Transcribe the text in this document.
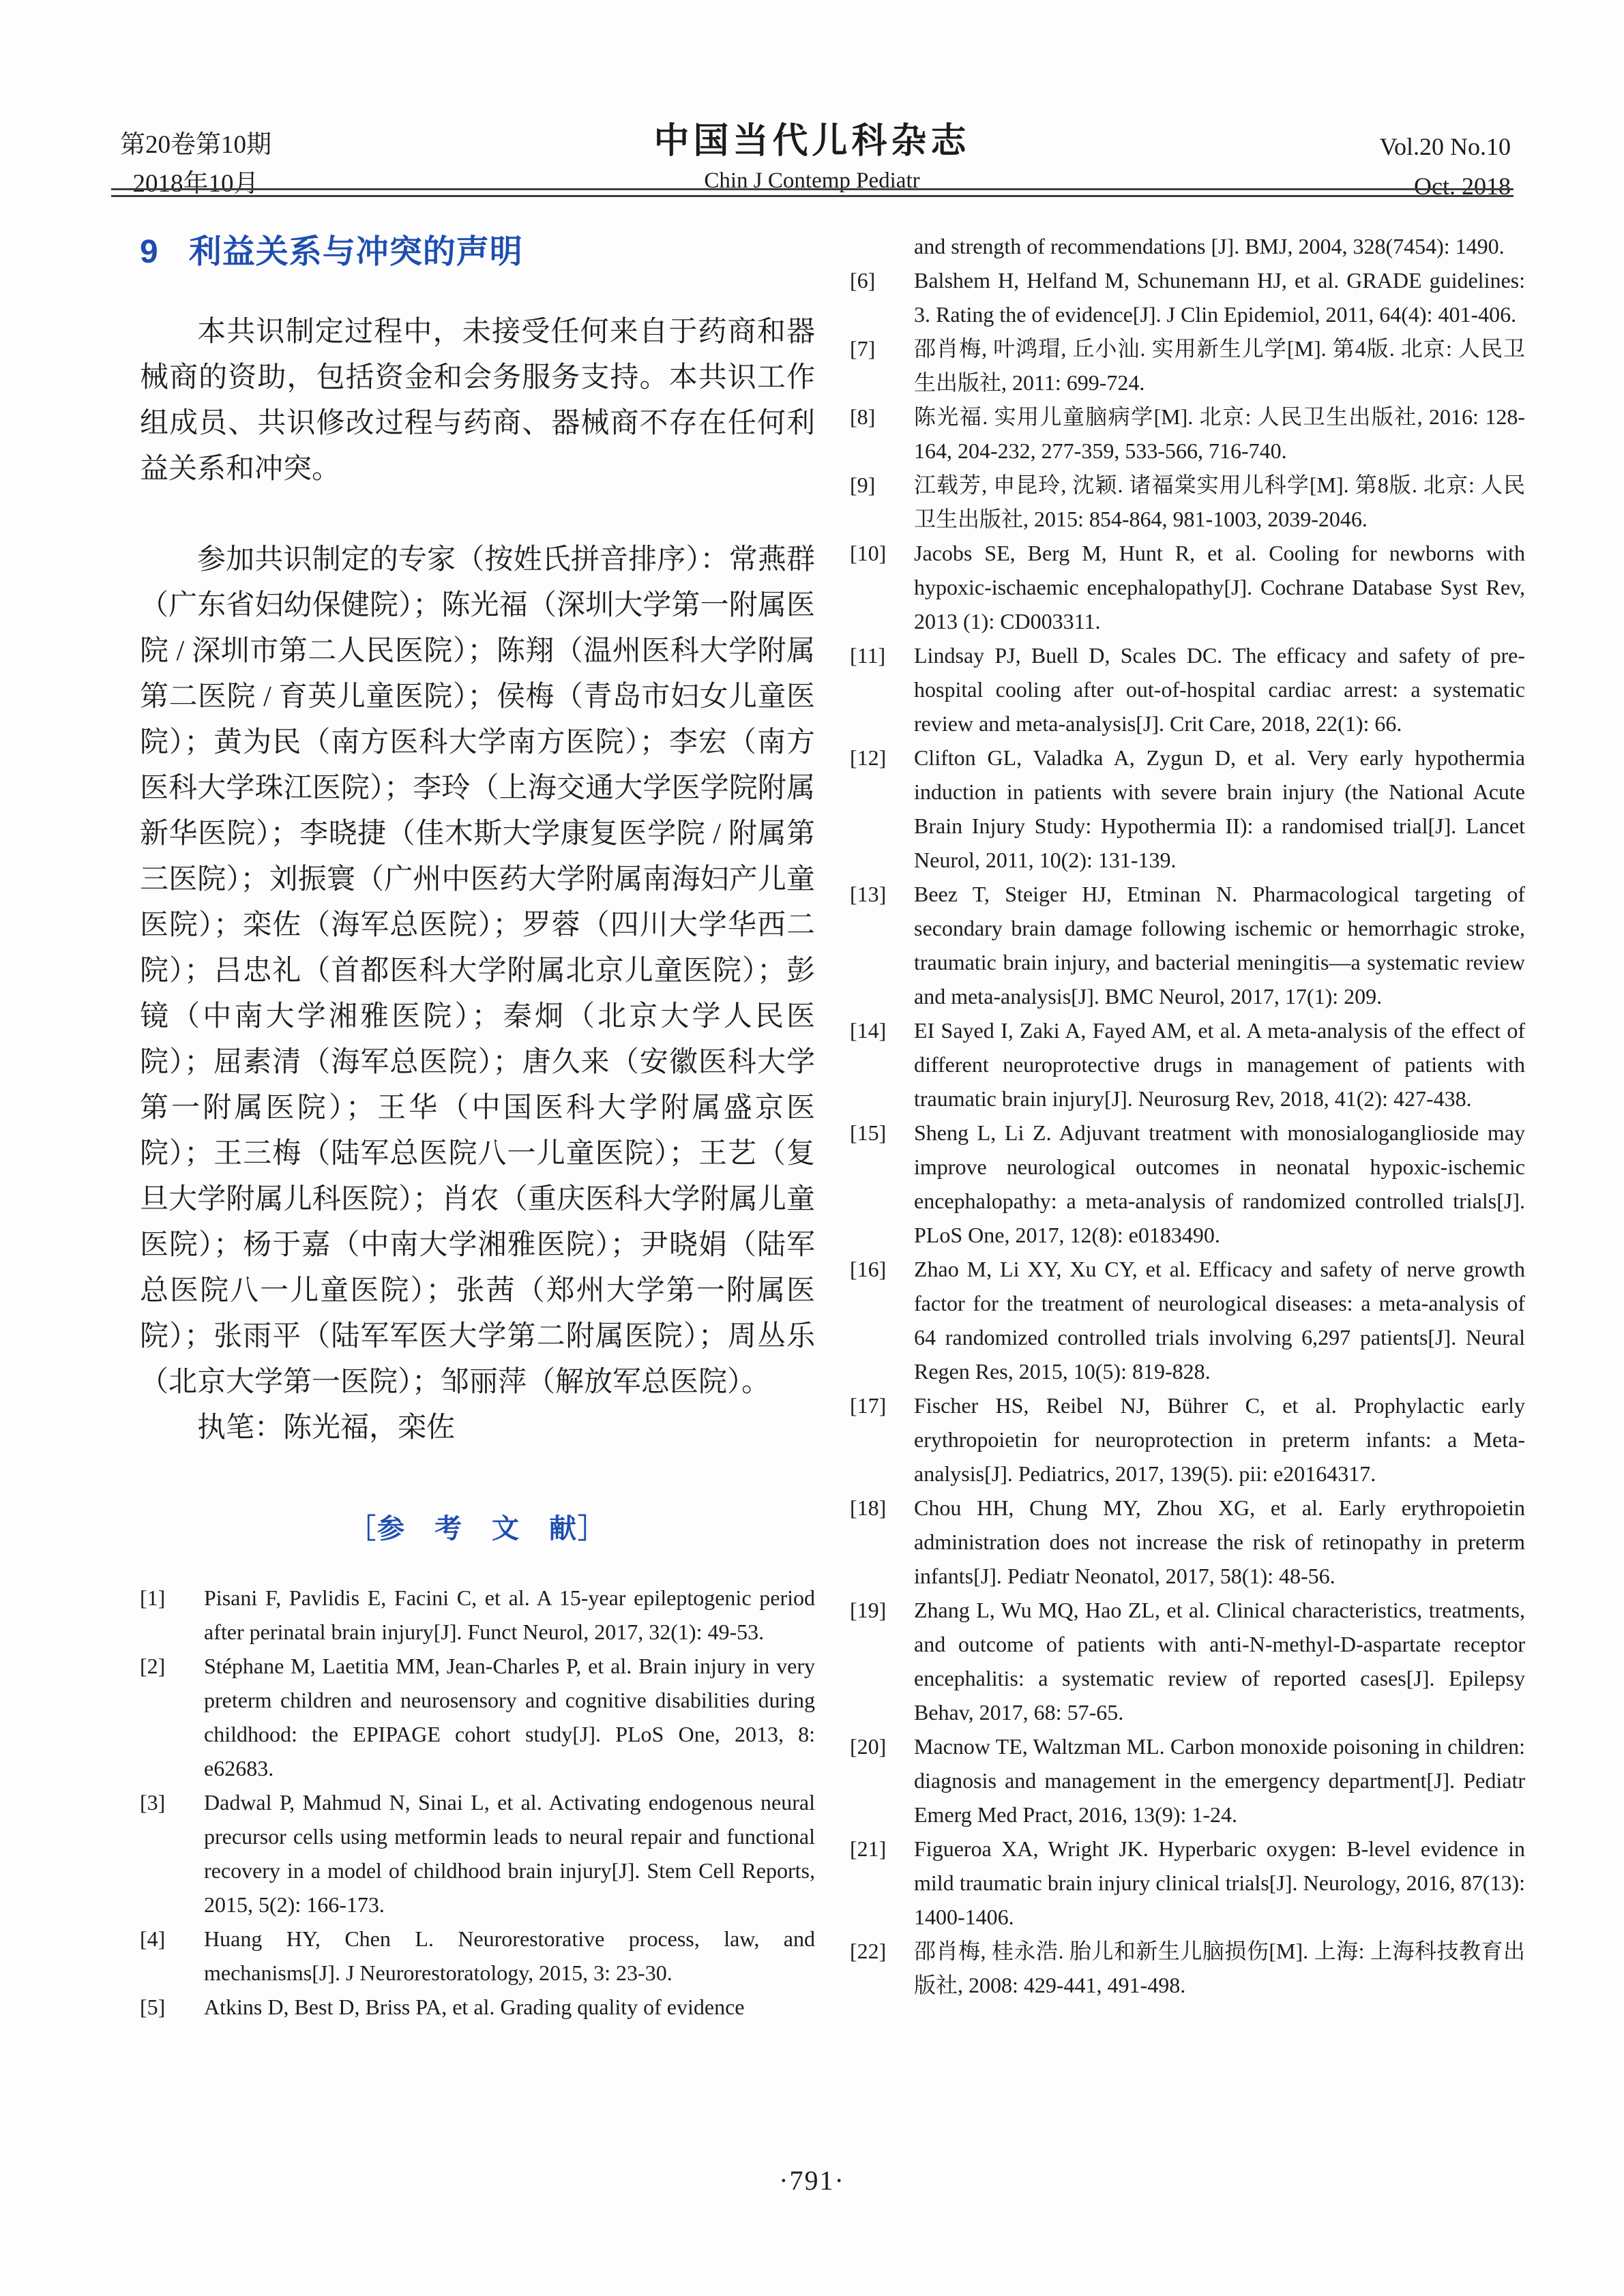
第20卷第10期
2018年10月
中国当代儿科杂志
Chin J Contemp Pediatr
Vol.20 No.10
Oct. 2018
9 利益关系与冲突的声明

本共识制定过程中，未接受任何来自于药商和器械商的资助，包括资金和会务服务支持。本共识工作组成员、共识修改过程与药商、器械商不存在任何利益关系和冲突。

参加共识制定的专家（按姓氏拼音排序）：常燕群（广东省妇幼保健院）；陈光福（深圳大学第一附属医院 / 深圳市第二人民医院）；陈翔（温州医科大学附属第二医院 / 育英儿童医院）；侯梅（青岛市妇女儿童医院）；黄为民（南方医科大学南方医院）；李宏（南方医科大学珠江医院）；李玲（上海交通大学医学院附属新华医院）；李晓捷（佳木斯大学康复医学院 / 附属第三医院）；刘振寰（广州中医药大学附属南海妇产儿童医院）；栾佐（海军总医院）；罗蓉（四川大学华西二院）；吕忠礼（首都医科大学附属北京儿童医院）；彭镜（中南大学湘雅医院）；秦炯（北京大学人民医院）；屈素清（海军总医院）；唐久来（安徽医科大学第一附属医院）；王华（中国医科大学附属盛京医院）；王三梅（陆军总医院八一儿童医院）；王艺（复旦大学附属儿科医院）；肖农（重庆医科大学附属儿童医院）；杨于嘉（中南大学湘雅医院）；尹晓娟（陆军总医院八一儿童医院）；张茜（郑州大学第一附属医院）；张雨平（陆军军医大学第二附属医院）；周丛乐（北京大学第一医院）；邹丽萍（解放军总医院）。

执笔：陈光福，栾佐

［参　考　文　献］
[1]	Pisani F, Pavlidis E, Facini C, et al. A 15-year epileptogenic period after perinatal brain injury[J]. Funct Neurol, 2017, 32(1): 49-53.
[2]	Stéphane M, Laetitia MM, Jean-Charles P, et al. Brain injury in very preterm children and neurosensory and cognitive disabilities during childhood: the EPIPAGE cohort study[J]. PLoS One, 2013, 8: e62683.
[3]	Dadwal P, Mahmud N, Sinai L, et al. Activating endogenous neural precursor cells using metformin leads to neural repair and functional recovery in a model of childhood brain injury[J]. Stem Cell Reports, 2015, 5(2): 166-173.
[4]	Huang HY, Chen L. Neurorestorative process, law, and mechanisms[J]. J Neurorestoratology, 2015, 3: 23-30.
[5]	Atkins D, Best D, Briss PA, et al. Grading quality of evidence
and strength of recommendations [J]. BMJ, 2004, 328(7454): 1490.
[6]	Balshem H, Helfand M, Schunemann HJ, et al. GRADE guidelines: 3. Rating the of evidence[J]. J Clin Epidemiol, 2011, 64(4): 401-406.
[7]	邵肖梅, 叶鸿瑁, 丘小汕. 实用新生儿学[M]. 第4版. 北京: 人民卫生出版社, 2011: 699-724.
[8]	陈光福. 实用儿童脑病学[M]. 北京: 人民卫生出版社, 2016: 128-164, 204-232, 277-359, 533-566, 716-740.
[9]	江载芳, 申昆玲, 沈颖. 诸福棠实用儿科学[M]. 第8版. 北京: 人民卫生出版社, 2015: 854-864, 981-1003, 2039-2046.
[10]	Jacobs SE, Berg M, Hunt R, et al. Cooling for newborns with hypoxic-ischaemic encephalopathy[J]. Cochrane Database Syst Rev, 2013 (1): CD003311.
[11]	Lindsay PJ, Buell D, Scales DC. The efficacy and safety of pre-hospital cooling after out-of-hospital cardiac arrest: a systematic review and meta-analysis[J]. Crit Care, 2018, 22(1): 66.
[12]	Clifton GL, Valadka A, Zygun D, et al. Very early hypothermia induction in patients with severe brain injury (the National Acute Brain Injury Study: Hypothermia II): a randomised trial[J]. Lancet Neurol, 2011, 10(2): 131-139.
[13]	Beez T, Steiger HJ, Etminan N. Pharmacological targeting of secondary brain damage following ischemic or hemorrhagic stroke, traumatic brain injury, and bacterial meningitis—a systematic review and meta-analysis[J]. BMC Neurol, 2017, 17(1): 209.
[14]	EI Sayed I, Zaki A, Fayed AM, et al. A meta-analysis of the effect of different neuroprotective drugs in management of patients with traumatic brain injury[J]. Neurosurg Rev, 2018, 41(2): 427-438.
[15]	Sheng L, Li Z. Adjuvant treatment with monosialoganglioside may improve neurological outcomes in neonatal hypoxic-ischemic encephalopathy: a meta-analysis of randomized controlled trials[J]. PLoS One, 2017, 12(8): e0183490.
[16]	Zhao M, Li XY, Xu CY, et al. Efficacy and safety of nerve growth factor for the treatment of neurological diseases: a meta-analysis of 64 randomized controlled trials involving 6,297 patients[J]. Neural Regen Res, 2015, 10(5): 819-828.
[17]	Fischer HS, Reibel NJ, Bührer C, et al. Prophylactic early erythropoietin for neuroprotection in preterm infants: a Meta-analysis[J]. Pediatrics, 2017, 139(5). pii: e20164317.
[18]	Chou HH, Chung MY, Zhou XG, et al. Early erythropoietin administration does not increase the risk of retinopathy in preterm infants[J]. Pediatr Neonatol, 2017, 58(1): 48-56.
[19]	Zhang L, Wu MQ, Hao ZL, et al. Clinical characteristics, treatments, and outcome of patients with anti-N-methyl-D-aspartate receptor encephalitis: a systematic review of reported cases[J]. Epilepsy Behav, 2017, 68: 57-65.
[20]	Macnow TE, Waltzman ML. Carbon monoxide poisoning in children: diagnosis and management in the emergency department[J]. Pediatr Emerg Med Pract, 2016, 13(9): 1-24.
[21]	Figueroa XA, Wright JK. Hyperbaric oxygen: B-level evidence in mild traumatic brain injury clinical trials[J]. Neurology, 2016, 87(13): 1400-1406.
[22]	邵肖梅, 桂永浩. 胎儿和新生儿脑损伤[M]. 上海: 上海科技教育出版社, 2008: 429-441, 491-498.
·791·
